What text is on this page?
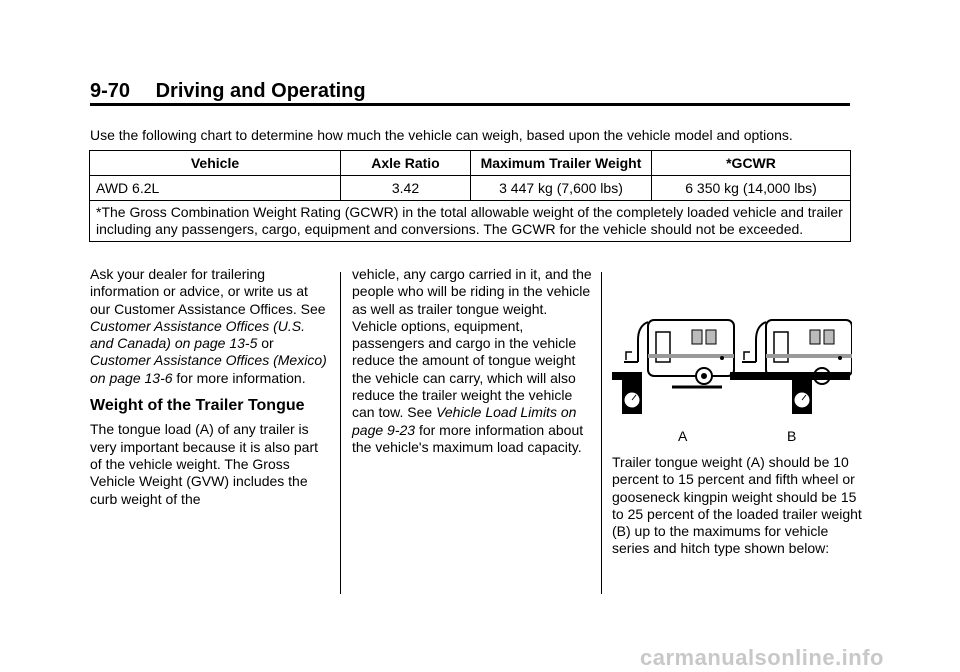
9-70 Driving and Operating
Use the following chart to determine how much the vehicle can weigh, based upon the vehicle model and options.
Vehicle	Axle Ratio	Maximum Trailer Weight	*GCWR
AWD 6.2L	3.42	3 447 kg (7,600 lbs)	6 350 kg (14,000 lbs)
*The Gross Combination Weight Rating (GCWR) in the total allowable weight of the completely loaded vehicle and trailer including any passengers, cargo, equipment and conversions. The GCWR for the vehicle should not be exceeded.			

Ask your dealer for trailering information or advice, or write us at our Customer Assistance Offices. See Customer Assistance Offices (U.S. and Canada) on page 13-5 or Customer Assistance Offices (Mexico) on page 13-6 for more information.

Weight of the Trailer Tongue

The tongue load (A) of any trailer is very important because it is also part of the vehicle weight. The Gross Vehicle Weight (GVW) includes the curb weight of the

vehicle, any cargo carried in it, and the people who will be riding in the vehicle as well as trailer tongue weight. Vehicle options, equipment, passengers and cargo in the vehicle reduce the amount of tongue weight the vehicle can carry, which will also reduce the trailer weight the vehicle can tow. See Vehicle Load Limits on page 9-23 for more information about the vehicle's maximum load capacity.

A	B

Trailer tongue weight (A) should be 10 percent to 15 percent and fifth wheel or gooseneck kingpin weight should be 15 to 25 percent of the loaded trailer weight (B) up to the maximums for vehicle series and hitch type shown below:

carmanualsonline.info
